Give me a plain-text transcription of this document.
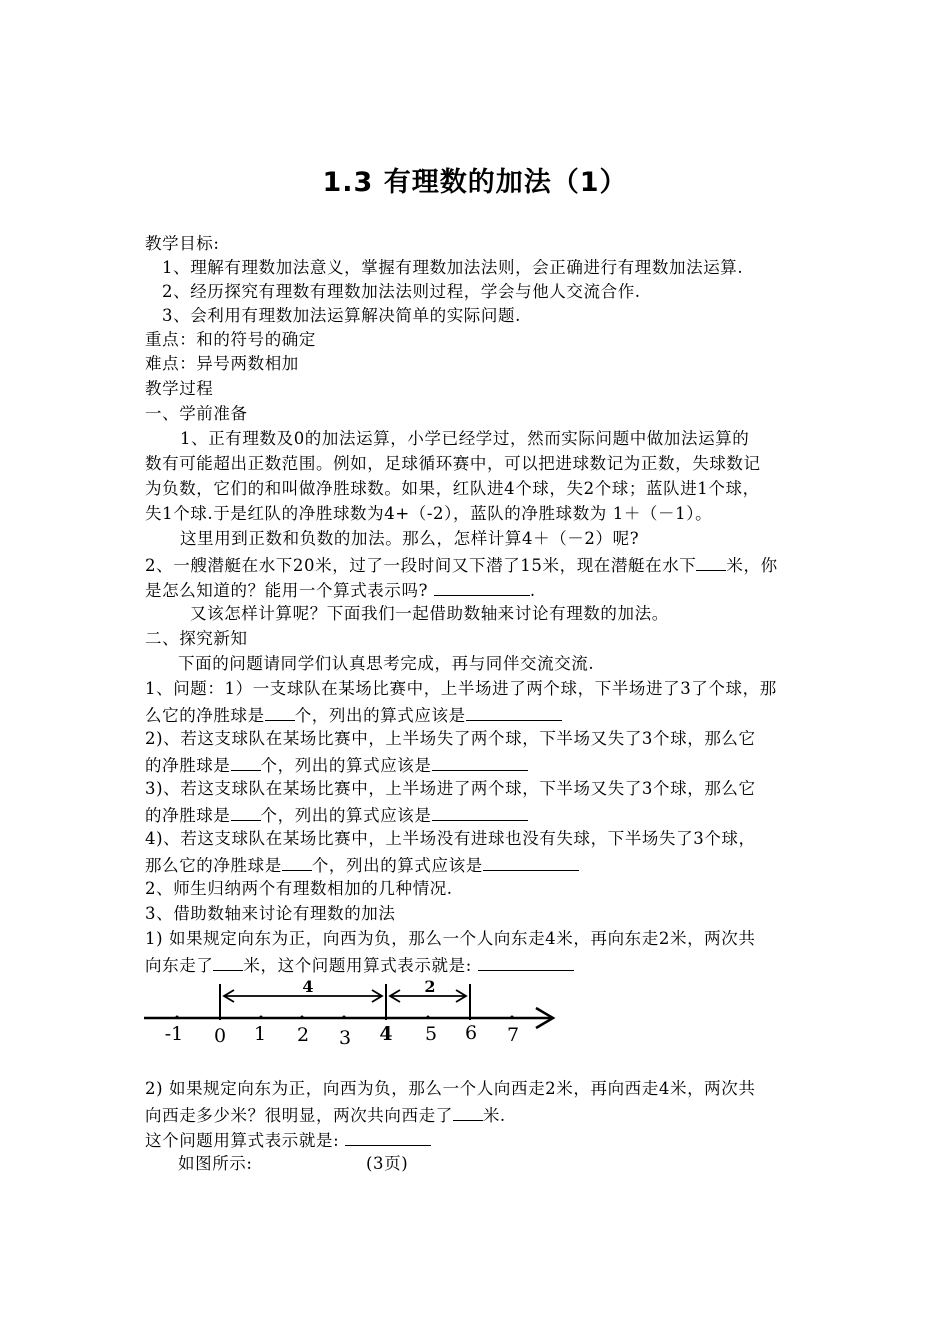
1.3 有理数的加法（1）
教学目标:
1、理解有理数加法意义，掌握有理数加法法则，会正确进行有理数加法运算.
2、经历探究有理数有理数加法法则过程，学会与他人交流合作.
3、会利用有理数加法运算解决简单的实际问题.
重点：和的符号的确定
难点：异号两数相加
教学过程
一、学前准备
1、正有理数及0的加法运算，小学已经学过，然而实际问题中做加法运算的
数有可能超出正数范围。例如，足球循环赛中，可以把进球数记为正数，失球数记
为负数，它们的和叫做净胜球数。如果，红队进4个球，失2个球；蓝队进1个球，
失1个球.于是红队的净胜球数为4+（-2），蓝队的净胜球数为 1＋（－1）。
这里用到正数和负数的加法。那么，怎样计算4＋（－2）呢?
2、一艘潜艇在水下20米，过了一段时间又下潜了15米，现在潜艇在水下 米，你
是怎么知道的？能用一个算式表示吗?	.
又该怎样计算呢？下面我们一起借助数轴来讨论有理数的加法。
二、探究新知
下面的问题请同学们认真思考完成，再与同伴交流交流.
1、问题：1）一支球队在某场比赛中，上半场进了两个球，下半场进了3了个球，那
么它的净胜球是 个，列出的算式应该是
2)、若这支球队在某场比赛中，上半场失了两个球，下半场又失了3个球，那么它
的净胜球是 个，列出的算式应该是
3)、若这支球队在某场比赛中，上半场进了两个球，下半场又失了3个球，那么它
的净胜球是 个，列出的算式应该是
4)、若这支球队在某场比赛中，上半场没有进球也没有失球，下半场失了3个球，
那么它的净胜球是 个，列出的算式应该是
2、师生归纳两个有理数相加的几种情况.
3、借助数轴来讨论有理数的加法
1) 如果规定向东为正，向西为负，那么一个人向东走4米，再向东走2米，两次共
向东走了 米，这个问题用算式表示就是:
4	2
-1 0 1 2 3 4 5 6 7
2) 如果规定向东为正，向西为负，那么一个人向西走2米，再向西走4米，两次共
向西走多少米？很明显，两次共向西走了 米.
这个问题用算式表示就是:
如图所示:	(3页)
